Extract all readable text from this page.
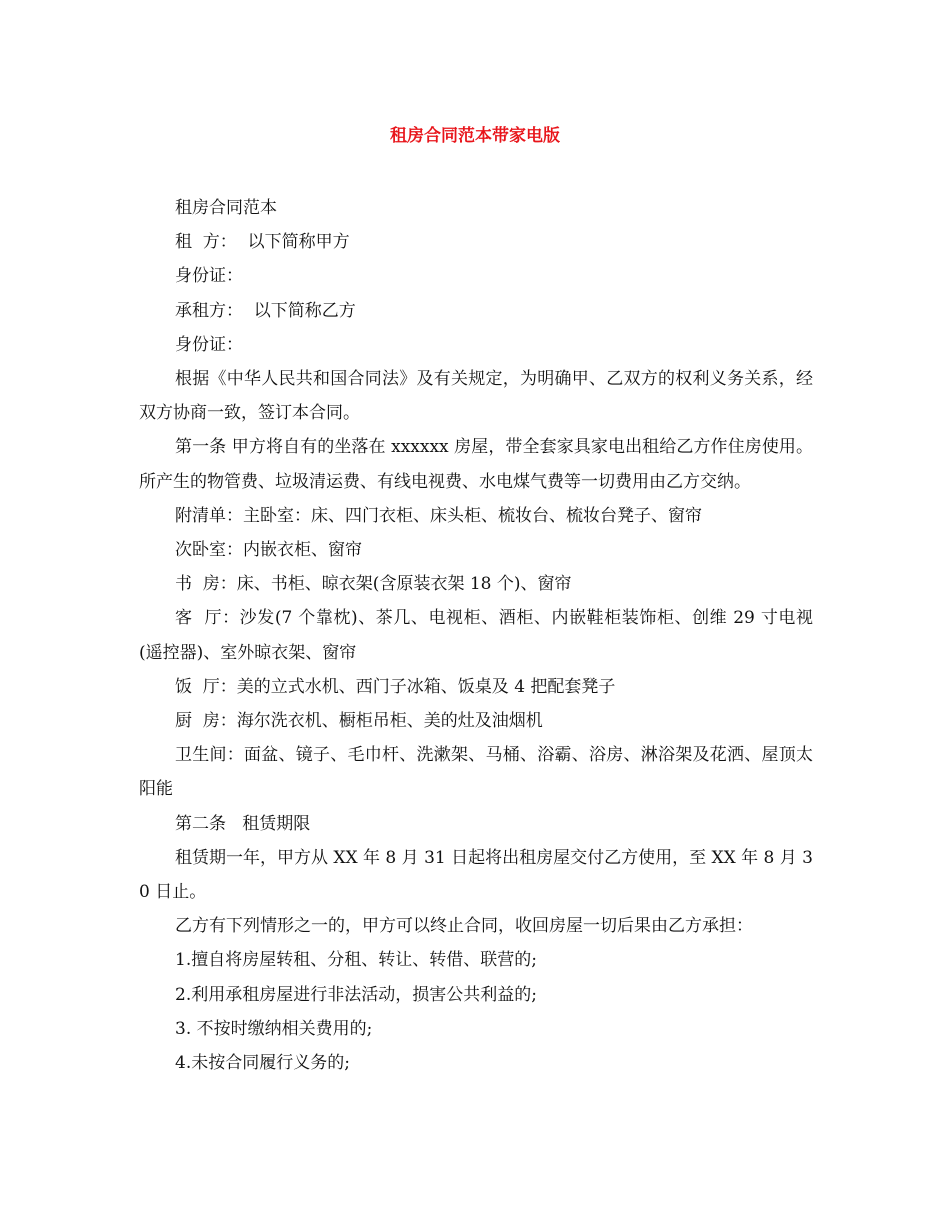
租房合同范本带家电版

租房合同范本

租  方：  以下简称甲方

身份证：

承租方：  以下简称乙方

身份证：

根据《中华人民共和国合同法》及有关规定，为明确甲、乙双方的权利义务关系，经双方协商一致，签订本合同。

第一条 甲方将自有的坐落在 xxxxxx 房屋，带全套家具家电出租给乙方作住房使用。所产生的物管费、垃圾清运费、有线电视费、水电煤气费等一切费用由乙方交纳。

附清单：主卧室：床、四门衣柜、床头柜、梳妆台、梳妆台凳子、窗帘

次卧室：内嵌衣柜、窗帘

书  房：床、书柜、晾衣架(含原装衣架 18 个)、窗帘

客  厅：沙发(7 个靠枕)、茶几、电视柜、酒柜、内嵌鞋柜装饰柜、创维 29 寸电视(遥控器)、室外晾衣架、窗帘

饭  厅：美的立式水机、西门子冰箱、饭桌及 4 把配套凳子

厨  房：海尔洗衣机、橱柜吊柜、美的灶及油烟机

卫生间：面盆、镜子、毛巾杆、洗漱架、马桶、浴霸、浴房、淋浴架及花洒、屋顶太阳能

第二条   租赁期限

租赁期一年，甲方从 XX 年 8 月 31 日起将出租房屋交付乙方使用，至 XX 年 8 月 30 日止。

乙方有下列情形之一的，甲方可以终止合同，收回房屋一切后果由乙方承担：

1.擅自将房屋转租、分租、转让、转借、联营的;

2.利用承租房屋进行非法活动，损害公共利益的;

3. 不按时缴纳相关费用的;

4.未按合同履行义务的;
